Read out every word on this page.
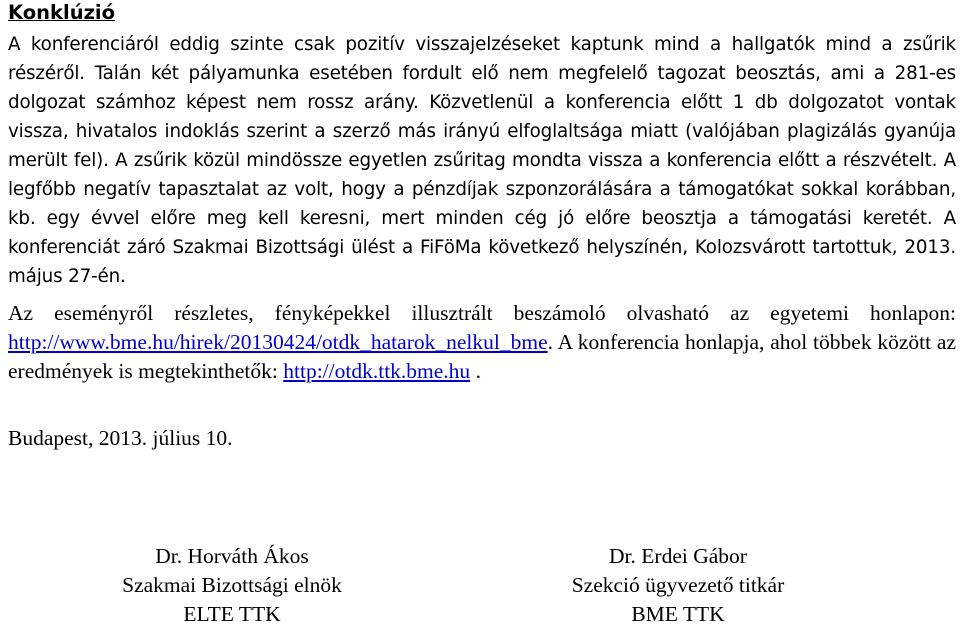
Konklúzió

A konferenciáról eddig szinte csak pozitív visszajelzéseket kaptunk mind a hallgatók mind a zsűrik részéről. Talán két pályamunka esetében fordult elő nem megfelelő tagozat beosztás, ami a 281-es dolgozat számhoz képest nem rossz arány. Közvetlenül a konferencia előtt 1 db dolgozatot vontak vissza, hivatalos indoklás szerint a szerző más irányú elfoglaltsága miatt (valójában plagizálás gyanúja merült fel). A zsűrik közül mindössze egyetlen zsűritag mondta vissza a konferencia előtt a részvételt. A legfőbb negatív tapasztalat az volt, hogy a pénzdíjak szponzorálására a támogatókat sokkal korábban, kb. egy évvel előre meg kell keresni, mert minden cég jó előre beosztja a támogatási keretét. A konferenciát záró Szakmai Bizottsági ülést a FiFöMa következő helyszínén, Kolozsvárott tartottuk, 2013. május 27-én.

Az eseményről részletes, fényképekkel illusztrált beszámoló olvasható az egyetemi honlapon: http://www.bme.hu/hirek/20130424/otdk_hatarok_nelkul_bme. A konferencia honlapja, ahol többek között az eredmények is megtekinthetők: http://otdk.ttk.bme.hu .

Budapest, 2013. július 10.
Dr. Horváth Ákos
Szakmai Bizottsági elnök
ELTE TTK
Dr. Erdei Gábor
Szekció ügyvezető titkár
BME TTK
